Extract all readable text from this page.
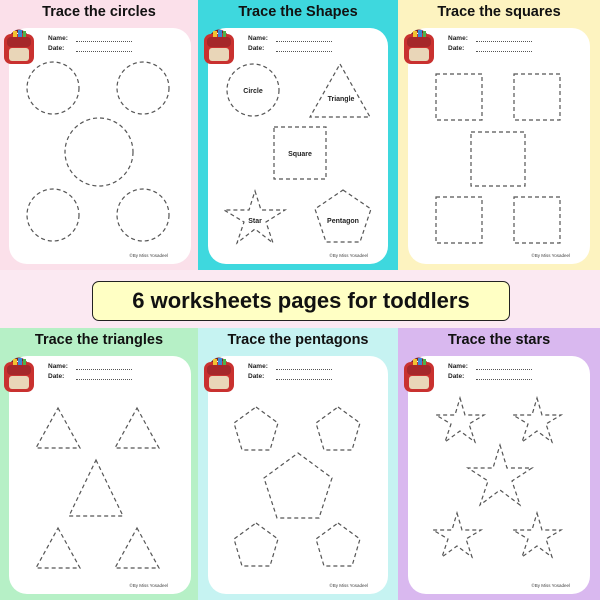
Trace the circles
Name:
Date:
©By Miss Yosadeel
Trace the Shapes
Name:
Date:
Circle
Triangle
Square
Star	Pentagon
©By Miss Yosadeel
Trace the squares
Name:
Date:
©By Miss Yosadeel
6 worksheets pages for toddlers
Trace the triangles
Name:
Date:
©By Miss Yosadeel
Trace the pentagons
Name:
Date:
©By Miss Yosadeel
Trace the stars
Name:
Date:
©By Miss Yosadeel
